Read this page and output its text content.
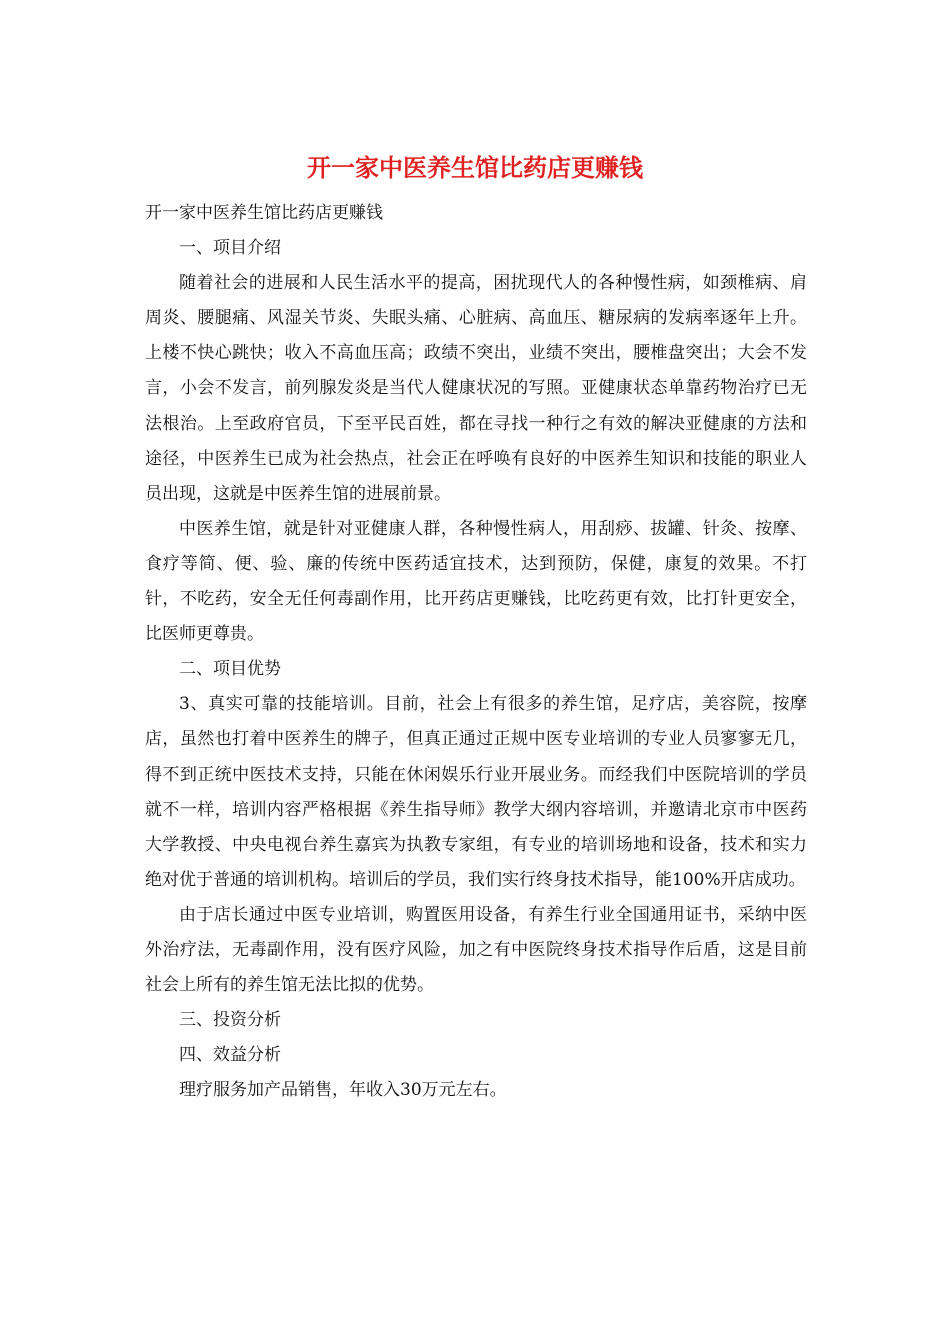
开一家中医养生馆比药店更赚钱

开一家中医养生馆比药店更赚钱

一、项目介绍

随着社会的进展和人民生活水平的提高，困扰现代人的各种慢性病，如颈椎病、肩周炎、腰腿痛、风湿关节炎、失眠头痛、心脏病、高血压、糖尿病的发病率逐年上升。上楼不快心跳快；收入不高血压高；政绩不突出，业绩不突出，腰椎盘突出；大会不发言，小会不发言，前列腺发炎是当代人健康状况的写照。亚健康状态单靠药物治疗已无法根治。上至政府官员，下至平民百姓，都在寻找一种行之有效的解决亚健康的方法和途径，中医养生已成为社会热点，社会正在呼唤有良好的中医养生知识和技能的职业人员出现，这就是中医养生馆的进展前景。

中医养生馆，就是针对亚健康人群，各种慢性病人，用刮痧、拔罐、针灸、按摩、食疗等简、便、验、廉的传统中医药适宜技术，达到预防，保健，康复的效果。不打针，不吃药，安全无任何毒副作用，比开药店更赚钱，比吃药更有效，比打针更安全，比医师更尊贵。

二、项目优势

3、真实可靠的技能培训。目前，社会上有很多的养生馆，足疗店，美容院，按摩店，虽然也打着中医养生的牌子，但真正通过正规中医专业培训的专业人员寥寥无几，得不到正统中医技术支持，只能在休闲娱乐行业开展业务。而经我们中医院培训的学员就不一样，培训内容严格根据《养生指导师》教学大纲内容培训，并邀请北京市中医药大学教授、中央电视台养生嘉宾为执教专家组，有专业的培训场地和设备，技术和实力绝对优于普通的培训机构。培训后的学员，我们实行终身技术指导，能100%开店成功。

由于店长通过中医专业培训，购置医用设备，有养生行业全国通用证书，采纳中医外治疗法，无毒副作用，没有医疗风险，加之有中医院终身技术指导作后盾，这是目前社会上所有的养生馆无法比拟的优势。

三、投资分析

四、效益分析

理疗服务加产品销售，年收入30万元左右。
